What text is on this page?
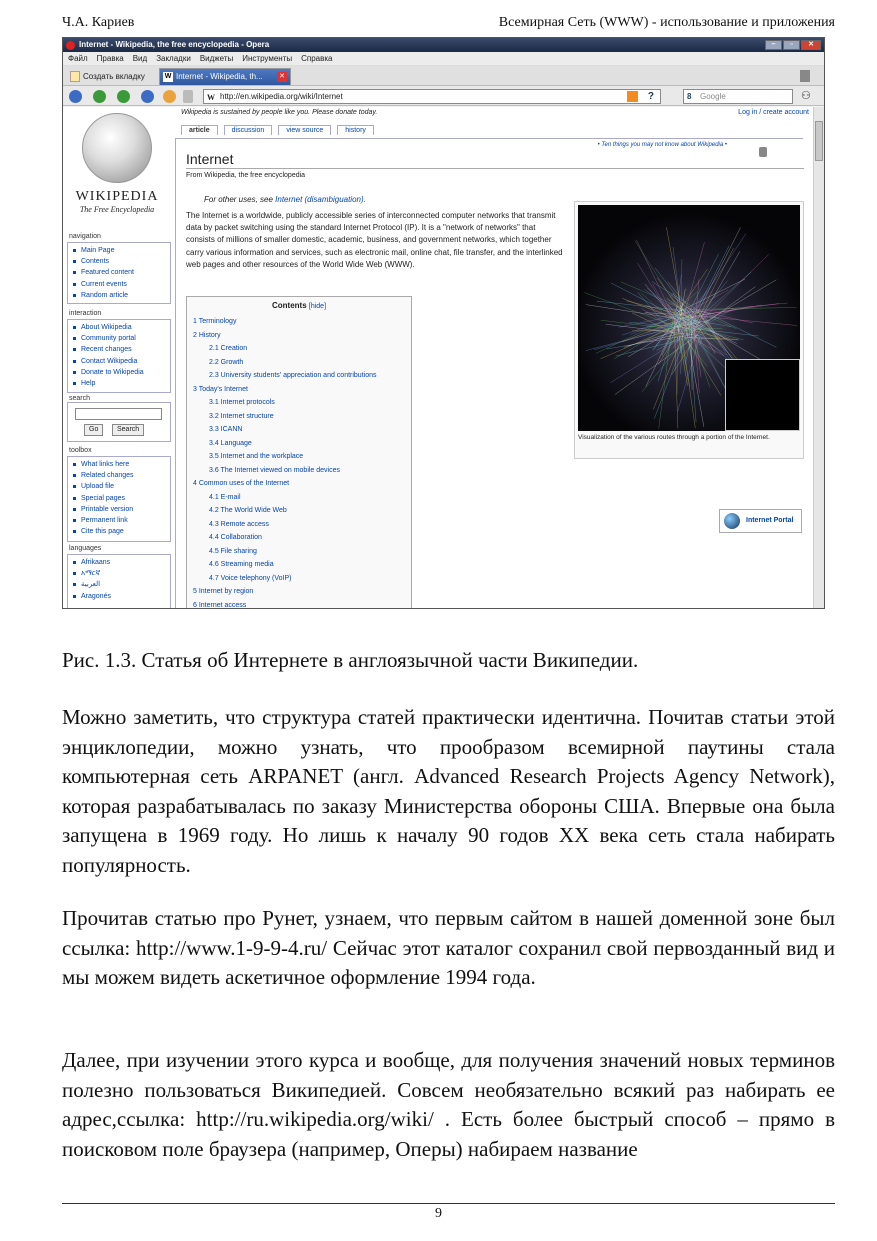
Ч.А. Кариев	Всемирная Сеть (WWW) - использование и приложения
Internet - Wikipedia, the free encyclopedia - Opera	–	▫	✕
Файл Правка Вид Закладки Виджеты Инструменты Справка
Создать вкладку	W Internet - Wikipedia, th... ✕
W http://en.wikipedia.org/wiki/Internet	?	8 Google	⚇
WIKIPEDIA
The Free Encyclopedia
navigation
Main Page
Contents
Featured content
Current events
Random article
interaction
About Wikipedia
Community portal
Recent changes
Contact Wikipedia
Donate to Wikipedia
Help
search
Go	Search
toolbox
What links here
Related changes
Upload file
Special pages
Printable version
Permanent link
Cite this page
languages
Afrikaans
አማርኛ
العربية
Aragonés
Wikipedia is sustained by people like you. Please donate today.	Log in / create account
article	discussion	view source	history
• Ten things you may not know about Wikipedia •
Internet
From Wikipedia, the free encyclopedia
For other uses, see Internet (disambiguation).
The Internet is a worldwide, publicly accessible series of interconnected computer networks that transmit data by packet switching using the standard Internet Protocol (IP). It is a "network of networks" that consists of millions of smaller domestic, academic, business, and government networks, which together carry various information and services, such as electronic mail, online chat, file transfer, and the interlinked web pages and other resources of the World Wide Web (WWW).
Contents [hide]
1 Terminology
2 History
2.1 Creation
2.2 Growth
2.3 University students' appreciation and contributions
3 Today's Internet
3.1 Internet protocols
3.2 Internet structure
3.3 ICANN
3.4 Language
3.5 Internet and the workplace
3.6 The Internet viewed on mobile devices
4 Common uses of the Internet
4.1 E-mail
4.2 The World Wide Web
4.3 Remote access
4.4 Collaboration
4.5 File sharing
4.6 Streaming media
4.7 Voice telephony (VoIP)
5 Internet by region
6 Internet access
Visualization of the various routes through a portion of the Internet.
Internet Portal
Рис. 1.3. Статья об Интернете в англоязычной части Википедии.
Можно заметить, что структура статей практически идентична. Почитав статьи этой энциклопедии, можно узнать, что прообразом всемирной паутины стала компьютерная сеть ARPANET (англ. Advanced Research Projects Agency Network), которая разрабатывалась по заказу Министерства обороны США. Впервые она была запущена в 1969 году. Но лишь к началу 90 годов XX века сеть стала набирать популярность.
Прочитав статью про Рунет, узнаем, что первым сайтом в нашей доменной зоне был ссылка: http://www.1-9-9-4.ru/ Сейчас этот каталог сохранил свой первозданный вид и мы можем видеть аскетичное оформление 1994 года.
Далее, при изучении этого курса и вообще, для получения значений новых терминов полезно пользоваться Википедией. Совсем необязательно всякий раз набирать ее адрес,ссылка: http://ru.wikipedia.org/wiki/ . Есть более быстрый способ – прямо в поисковом поле браузера (например, Оперы) набираем название
9
